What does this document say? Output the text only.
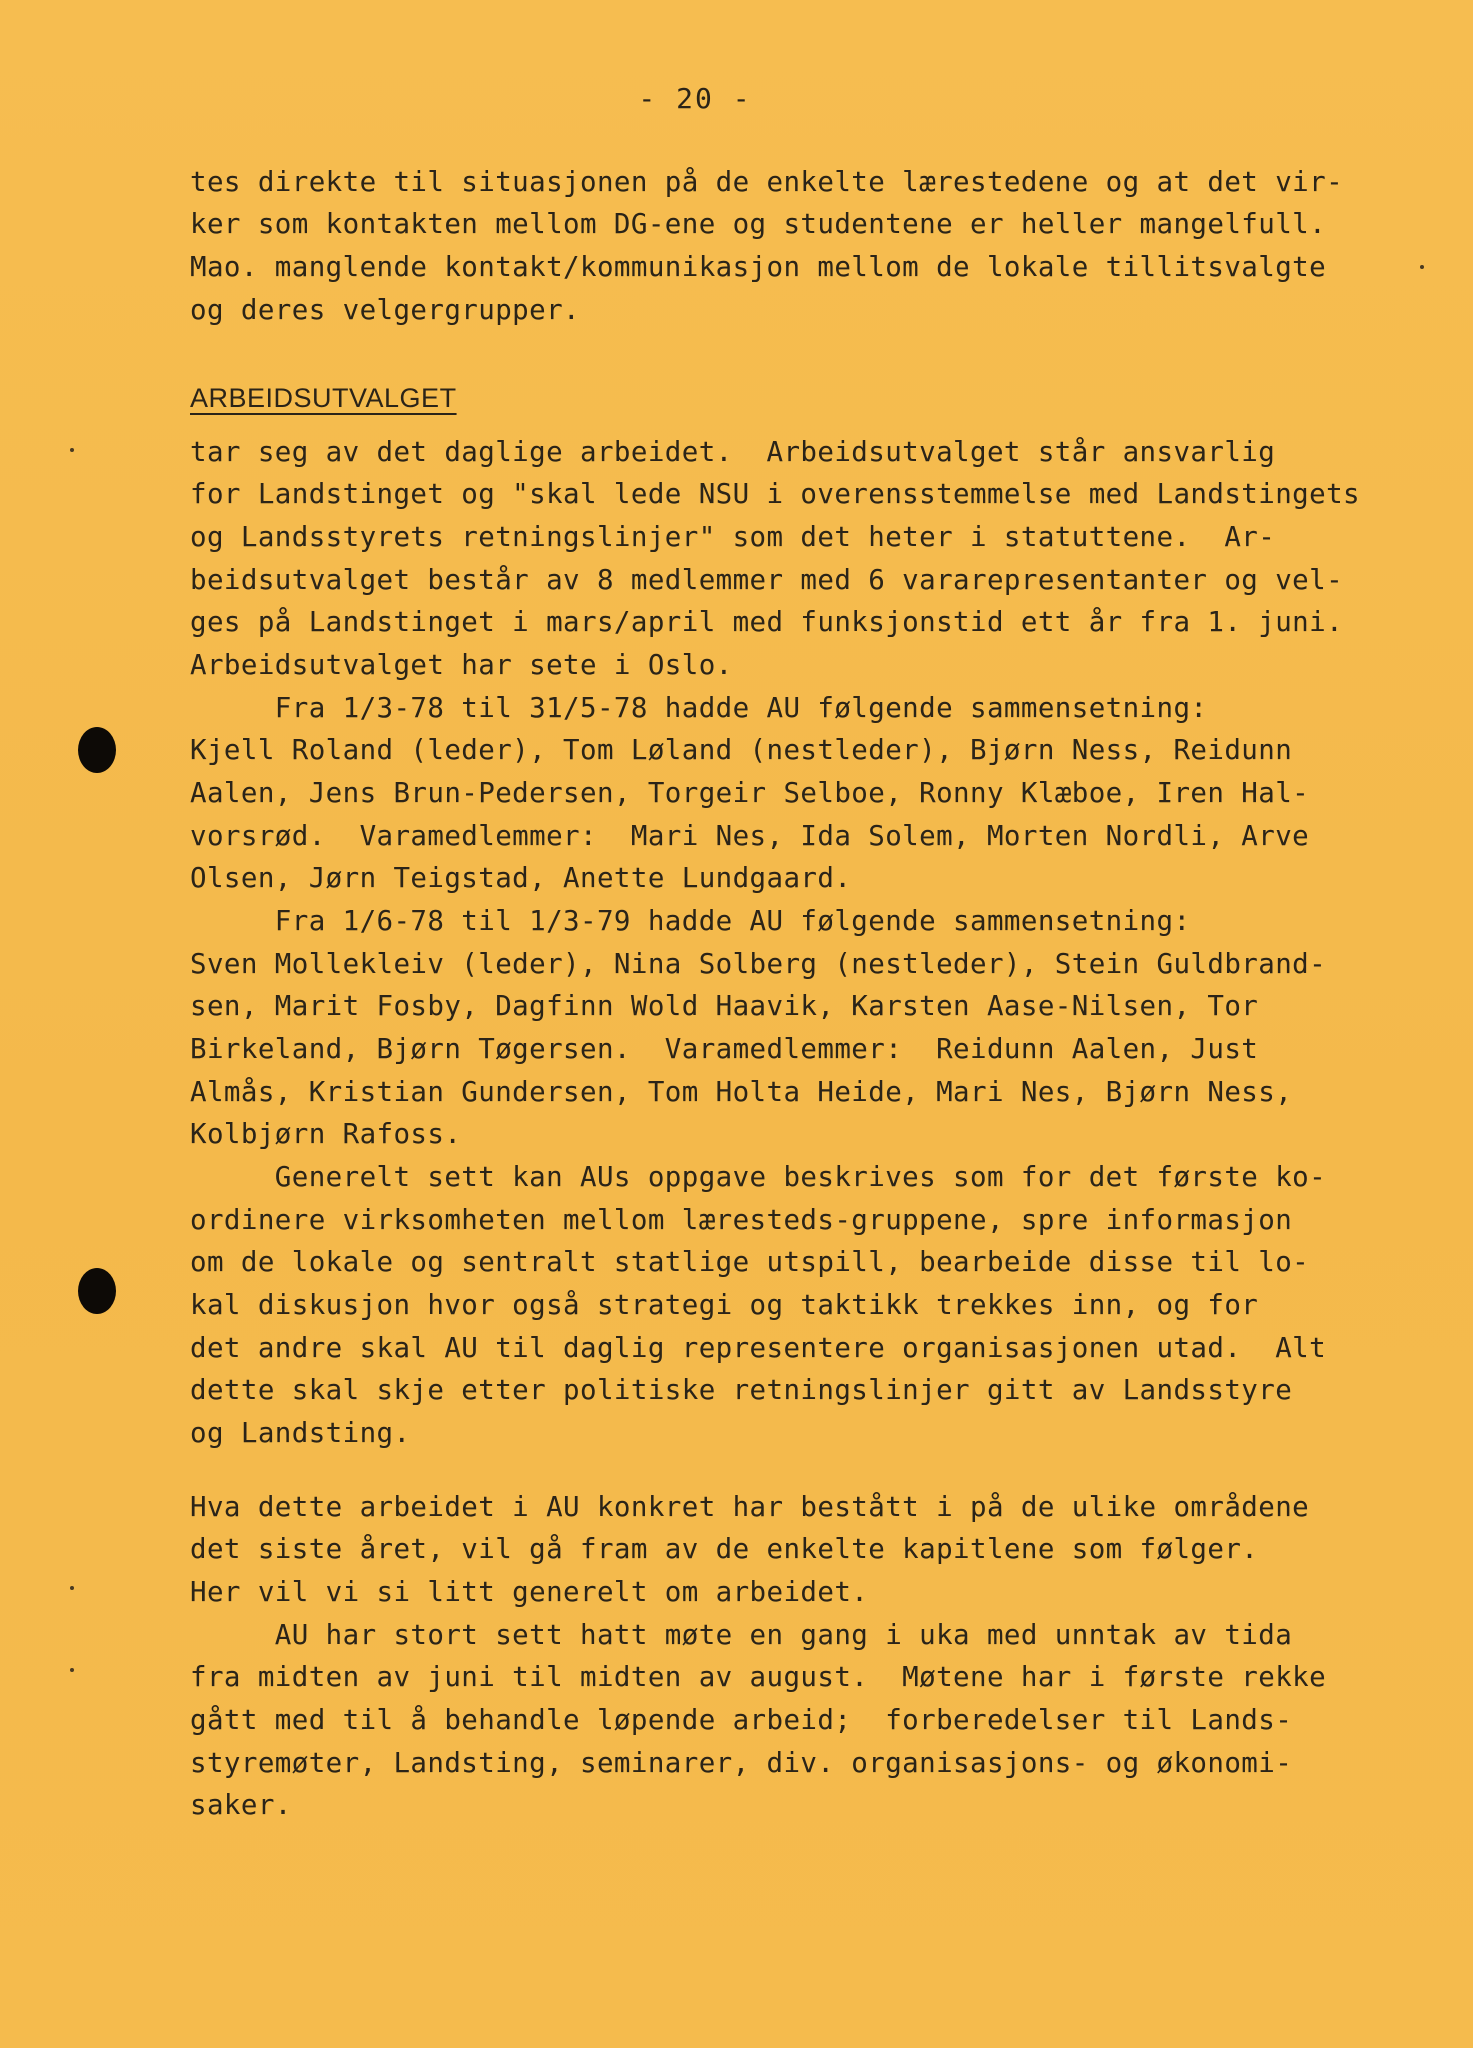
- 20 -
tes direkte til situasjonen på de enkelte lærestedene og at det vir-
ker som kontakten mellom DG-ene og studentene er heller mangelfull.
Mao. manglende kontakt/kommunikasjon mellom de lokale tillitsvalgte
og deres velgergrupper.
ARBEIDSUTVALGET
tar seg av det daglige arbeidet.  Arbeidsutvalget står ansvarlig
for Landstinget og "skal lede NSU i overensstemmelse med Landstingets
og Landsstyrets retningslinjer" som det heter i statuttene.  Ar-
beidsutvalget består av 8 medlemmer med 6 vararepresentanter og vel-
ges på Landstinget i mars/april med funksjonstid ett år fra 1. juni.
Arbeidsutvalget har sete i Oslo.
Fra 1/3-78 til 31/5-78 hadde AU følgende sammensetning:
Kjell Roland (leder), Tom Løland (nestleder), Bjørn Ness, Reidunn
Aalen, Jens Brun-Pedersen, Torgeir Selboe, Ronny Klæboe, Iren Hal-
vorsrød.  Varamedlemmer:  Mari Nes, Ida Solem, Morten Nordli, Arve
Olsen, Jørn Teigstad, Anette Lundgaard.
Fra 1/6-78 til 1/3-79 hadde AU følgende sammensetning:
Sven Mollekleiv (leder), Nina Solberg (nestleder), Stein Guldbrand-
sen, Marit Fosby, Dagfinn Wold Haavik, Karsten Aase-Nilsen, Tor
Birkeland, Bjørn Tøgersen.  Varamedlemmer:  Reidunn Aalen, Just
Almås, Kristian Gundersen, Tom Holta Heide, Mari Nes, Bjørn Ness,
Kolbjørn Rafoss.
Generelt sett kan AUs oppgave beskrives som for det første ko-
ordinere virksomheten mellom læresteds-gruppene, spre informasjon
om de lokale og sentralt statlige utspill, bearbeide disse til lo-
kal diskusjon hvor også strategi og taktikk trekkes inn, og for
det andre skal AU til daglig representere organisasjonen utad.  Alt
dette skal skje etter politiske retningslinjer gitt av Landsstyre
og Landsting.
Hva dette arbeidet i AU konkret har bestått i på de ulike områdene
det siste året, vil gå fram av de enkelte kapitlene som følger.
Her vil vi si litt generelt om arbeidet.
AU har stort sett hatt møte en gang i uka med unntak av tida
fra midten av juni til midten av august.  Møtene har i første rekke
gått med til å behandle løpende arbeid;  forberedelser til Lands-
styremøter, Landsting, seminarer, div. organisasjons- og økonomi-
saker.
